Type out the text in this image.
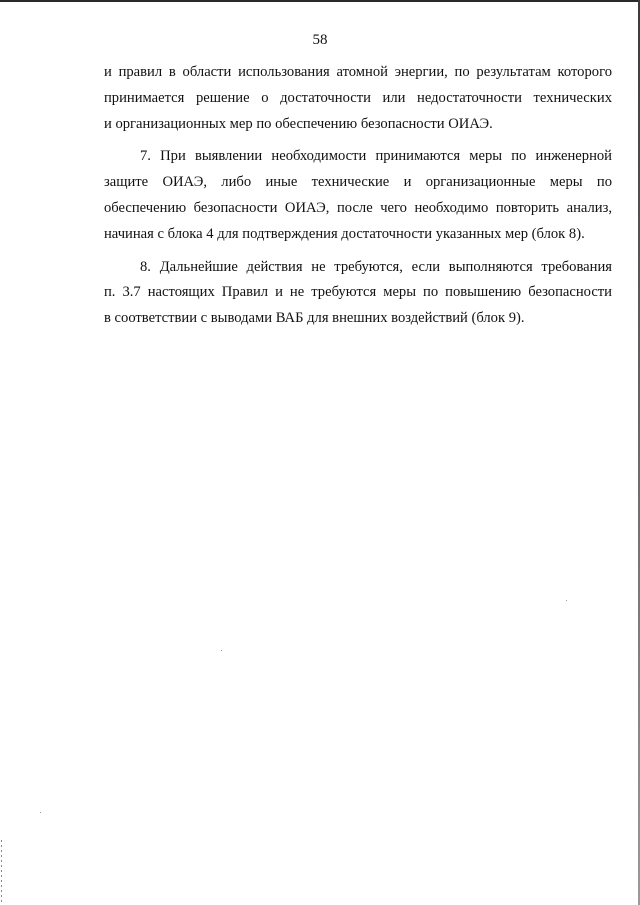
58
и правил в области использования атомной энергии, по результатам которого
принимается решение о достаточности или недостаточности технических
и организационных мер по обеспечению безопасности ОИАЭ.
7. При выявлении необходимости принимаются меры по инженерной
защите ОИАЭ, либо иные технические и организационные меры по
обеспечению безопасности ОИАЭ, после чего необходимо повторить анализ,
начиная с блока 4 для подтверждения достаточности указанных мер (блок 8).
8. Дальнейшие действия не требуются, если выполняются требования
п. 3.7 настоящих Правил и не требуются меры по повышению безопасности
в соответствии с выводами ВАБ для внешних воздействий (блок 9).
